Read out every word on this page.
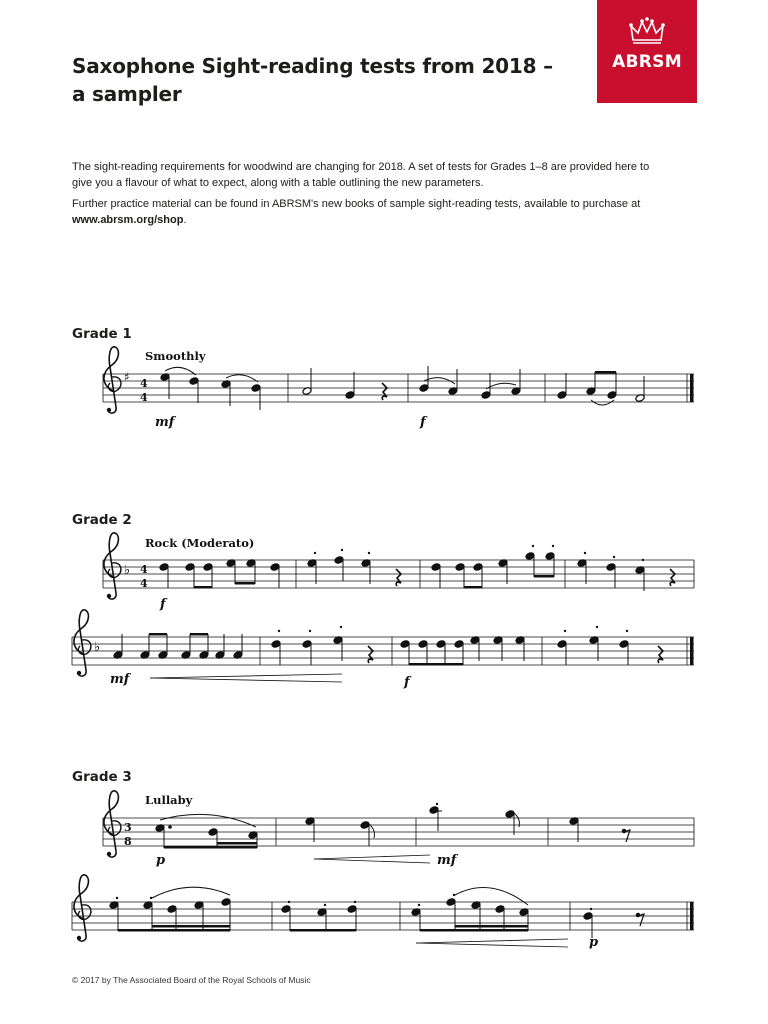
Saxophone Sight-reading tests from 2018 –
a sampler
ABRSM

The sight-reading requirements for woodwind are changing for 2018. A set of tests for Grades 1–8 are provided here to give you a flavour of what to expect, along with a table outlining the new parameters.

Further practice material can be found in ABRSM's new books of sample sight-reading tests, available to purchase at www.abrsm.org/shop.

Grade 1
Grade 2
Grade 3
♯ 4
4
Smoothly
mf	f
♭ 4
4
Rock (Moderato)
f
♭
mf	f
3
8
Lullaby
p	mf
p
© 2017 by The Associated Board of the Royal Schools of Music
